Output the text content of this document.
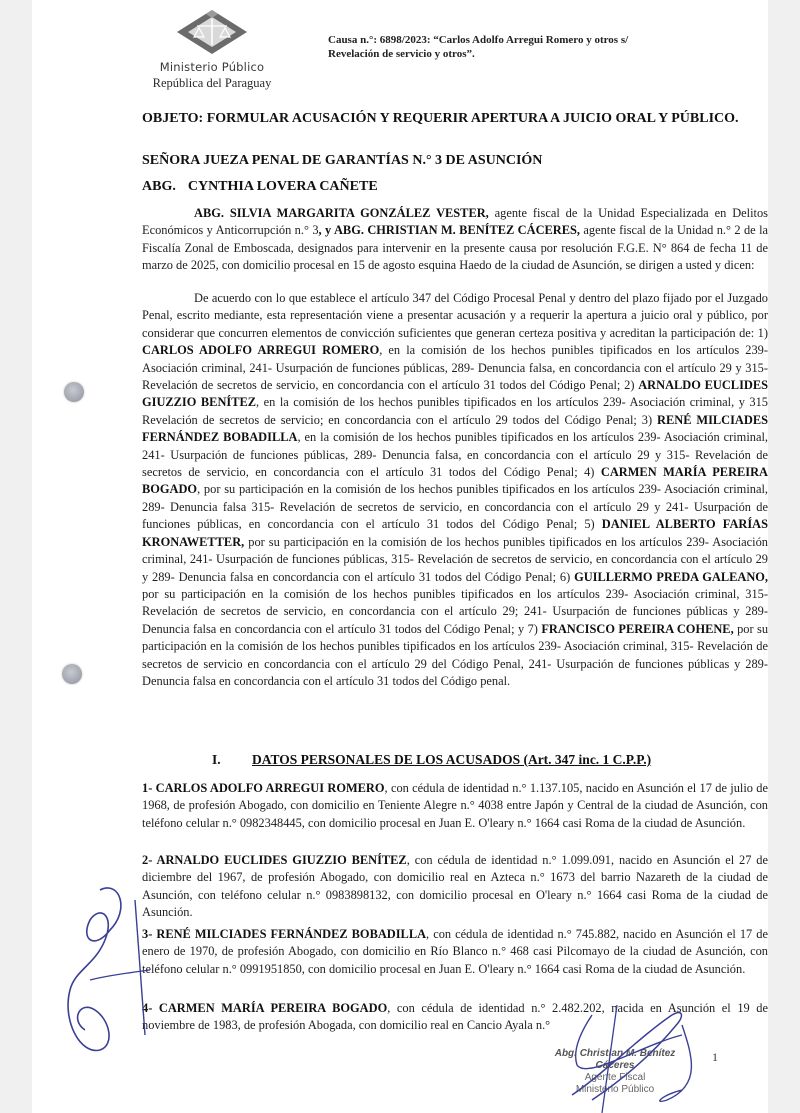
Ministerio Público
República del Paraguay
Causa n.°: 6898/2023: “Carlos Adolfo Arregui Romero y otros s/
Revelación de servicio y otros”.
OBJETO: FORMULAR ACUSACIÓN Y REQUERIR APERTURA A JUICIO ORAL Y PÚBLICO.
SEÑORA JUEZA PENAL DE GARANTÍAS N.° 3 DE ASUNCIÓN
ABG. CYNTHIA LOVERA CAÑETE
ABG. SILVIA MARGARITA GONZÁLEZ VESTER, agente fiscal de la Unidad Especializada en Delitos Económicos y Anticorrupción n.° 3, y ABG. CHRISTIAN M. BENÍTEZ CÁCERES, agente fiscal de la Unidad n.° 2 de la Fiscalía Zonal de Emboscada, designados para intervenir en la presente causa por resolución F.G.E. N° 864 de fecha 11 de marzo de 2025, con domicilio procesal en 15 de agosto esquina Haedo de la ciudad de Asunción, se dirigen a usted y dicen:
De acuerdo con lo que establece el artículo 347 del Código Procesal Penal y dentro del plazo fijado por el Juzgado Penal, escrito mediante, esta representación viene a presentar acusación y a requerir la apertura a juicio oral y público, por considerar que concurren elementos de convicción suficientes que generan certeza positiva y acreditan la participación de: 1) CARLOS ADOLFO ARREGUI ROMERO, en la comisión de los hechos punibles tipificados en los artículos 239- Asociación criminal, 241- Usurpación de funciones públicas, 289- Denuncia falsa, en concordancia con el artículo 29 y 315- Revelación de secretos de servicio, en concordancia con el artículo 31 todos del Código Penal; 2) ARNALDO EUCLIDES GIUZZIO BENÍTEZ, en la comisión de los hechos punibles tipificados en los artículos 239- Asociación criminal, y 315 Revelación de secretos de servicio; en concordancia con el artículo 29 todos del Código Penal; 3) RENÉ MILCIADES FERNÁNDEZ BOBADILLA, en la comisión de los hechos punibles tipificados en los artículos 239- Asociación criminal, 241- Usurpación de funciones públicas, 289- Denuncia falsa, en concordancia con el artículo 29 y 315- Revelación de secretos de servicio, en concordancia con el artículo 31 todos del Código Penal; 4) CARMEN MARÍA PEREIRA BOGADO, por su participación en la comisión de los hechos punibles tipificados en los artículos 239- Asociación criminal, 289- Denuncia falsa 315- Revelación de secretos de servicio, en concordancia con el artículo 29 y 241- Usurpación de funciones públicas, en concordancia con el artículo 31 todos del Código Penal; 5) DANIEL ALBERTO FARÍAS KRONAWETTER, por su participación en la comisión de los hechos punibles tipificados en los artículos 239- Asociación criminal, 241- Usurpación de funciones públicas, 315- Revelación de secretos de servicio, en concordancia con el artículo 29 y 289- Denuncia falsa en concordancia con el artículo 31 todos del Código Penal; 6) GUILLERMO PREDA GALEANO, por su participación en la comisión de los hechos punibles tipificados en los artículos 239- Asociación criminal, 315- Revelación de secretos de servicio, en concordancia con el artículo 29; 241- Usurpación de funciones públicas y 289- Denuncia falsa en concordancia con el artículo 31 todos del Código Penal; y 7) FRANCISCO PEREIRA COHENE, por su participación en la comisión de los hechos punibles tipificados en los artículos 239- Asociación criminal, 315- Revelación de secretos de servicio en concordancia con el artículo 29 del Código Penal, 241- Usurpación de funciones públicas y 289- Denuncia falsa en concordancia con el artículo 31 todos del Código penal.
I. DATOS PERSONALES DE LOS ACUSADOS (Art. 347 inc. 1 C.P.P.)
1- CARLOS ADOLFO ARREGUI ROMERO, con cédula de identidad n.° 1.137.105, nacido en Asunción el 17 de julio de 1968, de profesión Abogado, con domicilio en Teniente Alegre n.° 4038 entre Japón y Central de la ciudad de Asunción, con teléfono celular n.° 0982348445, con domicilio procesal en Juan E. O'leary n.° 1664 casi Roma de la ciudad de Asunción.
2- ARNALDO EUCLIDES GIUZZIO BENÍTEZ, con cédula de identidad n.° 1.099.091, nacido en Asunción el 27 de diciembre del 1967, de profesión Abogado, con domicilio real en Azteca n.° 1673 del barrio Nazareth de la ciudad de Asunción, con teléfono celular n.° 0983898132, con domicilio procesal en O'leary n.° 1664 casi Roma de la ciudad de Asunción.
3- RENÉ MILCIADES FERNÁNDEZ BOBADILLA, con cédula de identidad n.° 745.882, nacido en Asunción el 17 de enero de 1970, de profesión Abogado, con domicilio en Río Blanco n.° 468 casi Pilcomayo de la ciudad de Asunción, con teléfono celular n.° 0991951850, con domicilio procesal en Juan E. O'leary n.° 1664 casi Roma de la ciudad de Asunción.
4- CARMEN MARÍA PEREIRA BOGADO, con cédula de identidad n.° 2.482.202, nacida en Asunción el 19 de noviembre de 1983, de profesión Abogada, con domicilio real en Cancio Ayala n.°
Abg. Christian M. Benítez Cáceres
Agente Fiscal
Ministerio Público
1
